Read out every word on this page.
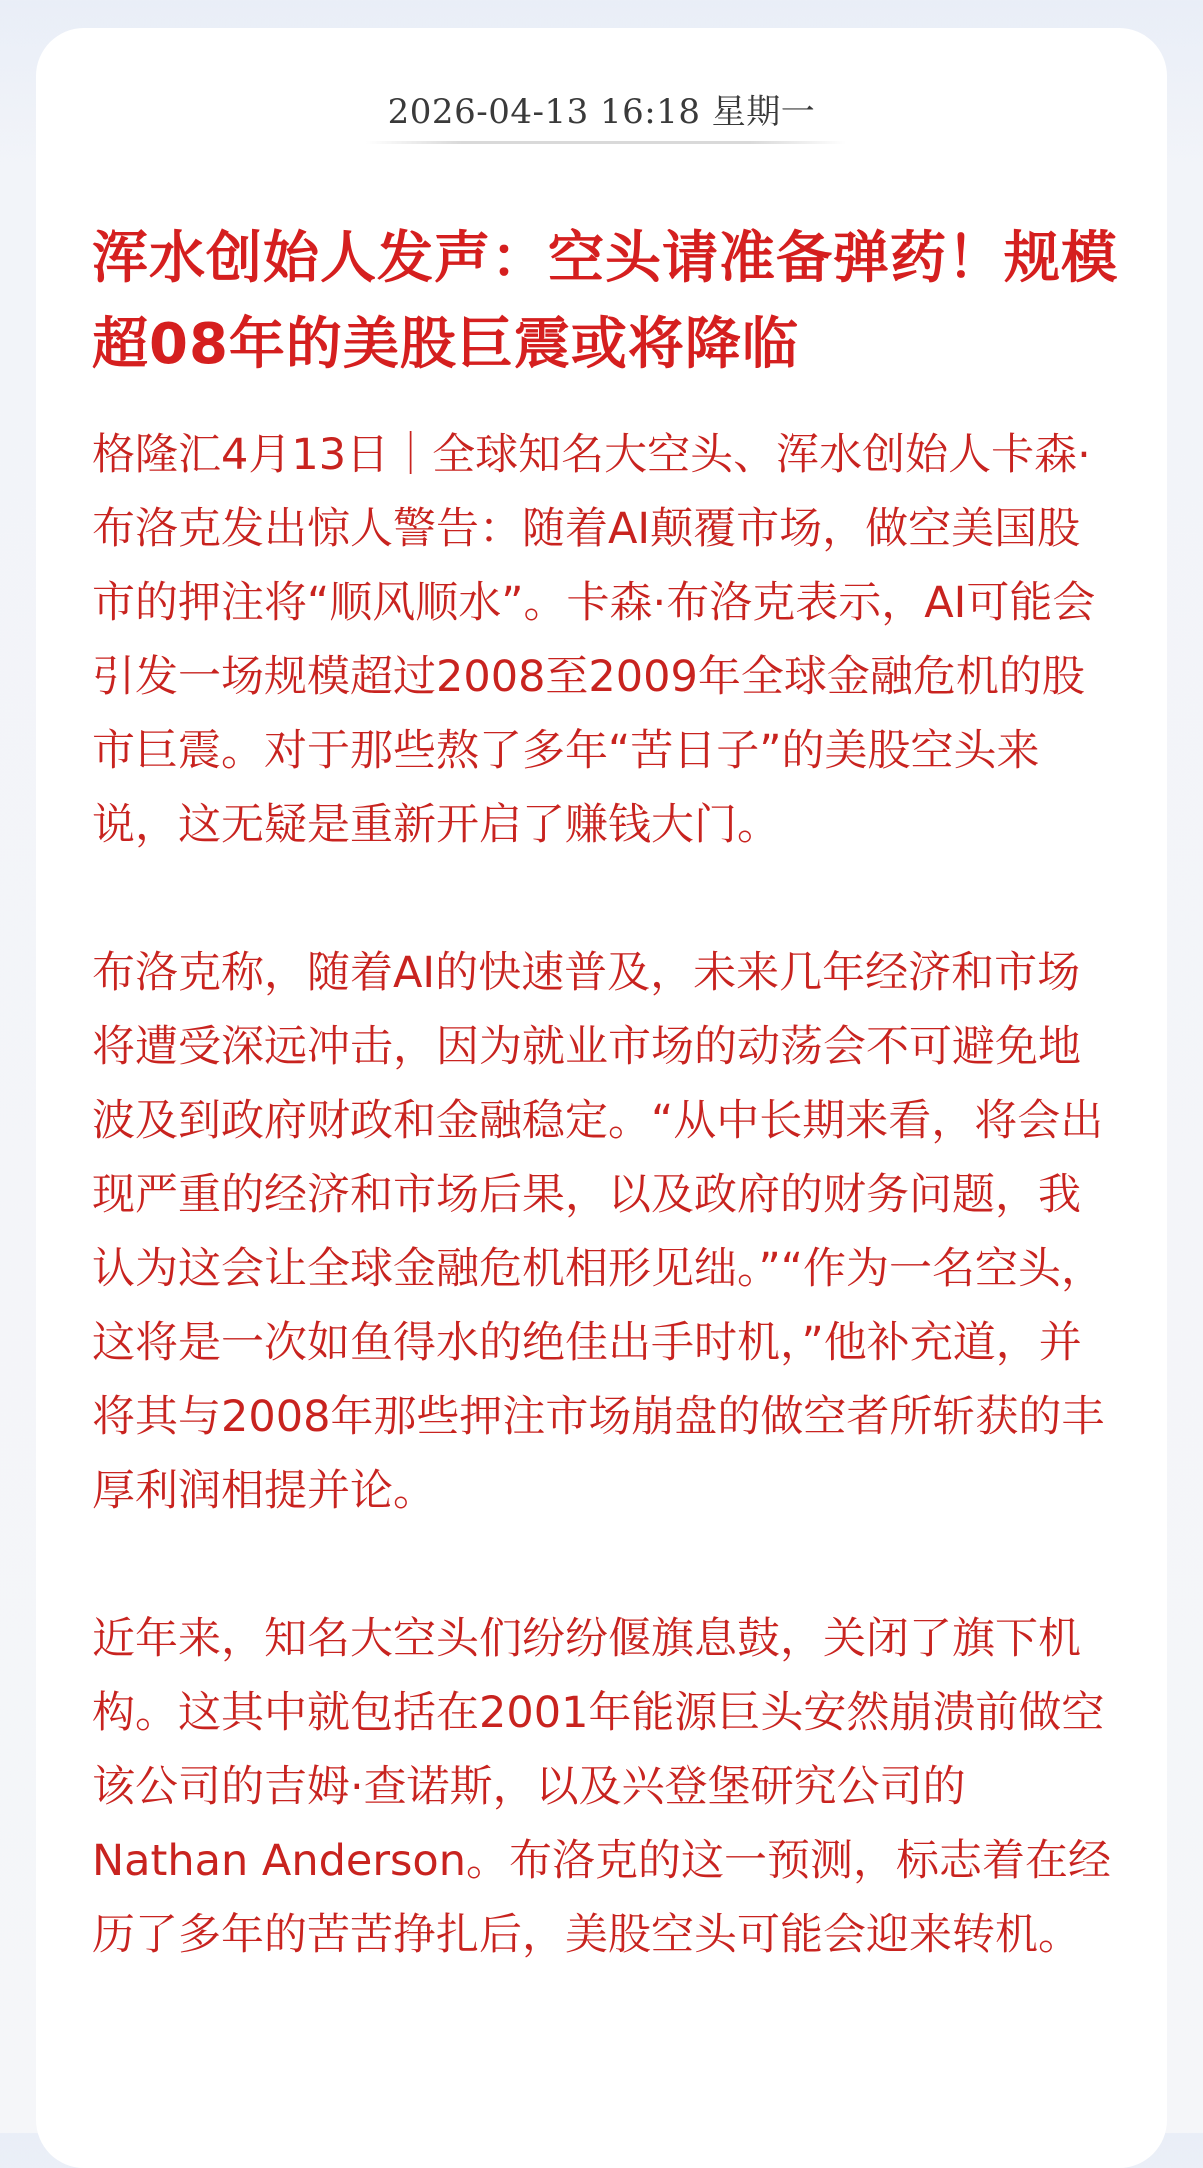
2026-04-13 16:18 星期一
浑水创始人发声：空头请准备弹药！规模超08年的美股巨震或将降临

格隆汇4月13日｜全球知名大空头、浑水创始人卡森·布洛克发出惊人警告：随着AI颠覆市场，做空美国股市的押注将“顺风顺水”。卡森·布洛克表示，AI可能会引发一场规模超过2008至2009年全球金融危机的股市巨震。对于那些熬了多年“苦日子”的美股空头来说，这无疑是重新开启了赚钱大门。

布洛克称，随着AI的快速普及，未来几年经济和市场将遭受深远冲击，因为就业市场的动荡会不可避免地波及到政府财政和金融稳定。“从中长期来看，将会出现严重的经济和市场后果，以及政府的财务问题，我认为这会让全球金融危机相形见绌。”“作为一名空头，这将是一次如鱼得水的绝佳出手时机，”他补充道，并将其与2008年那些押注市场崩盘的做空者所斩获的丰厚利润相提并论。

近年来，知名大空头们纷纷偃旗息鼓，关闭了旗下机构。这其中就包括在2001年能源巨头安然崩溃前做空该公司的吉姆·查诺斯，以及兴登堡研究公司的Nathan Anderson。布洛克的这一预测，标志着在经历了多年的苦苦挣扎后，美股空头可能会迎来转机。
